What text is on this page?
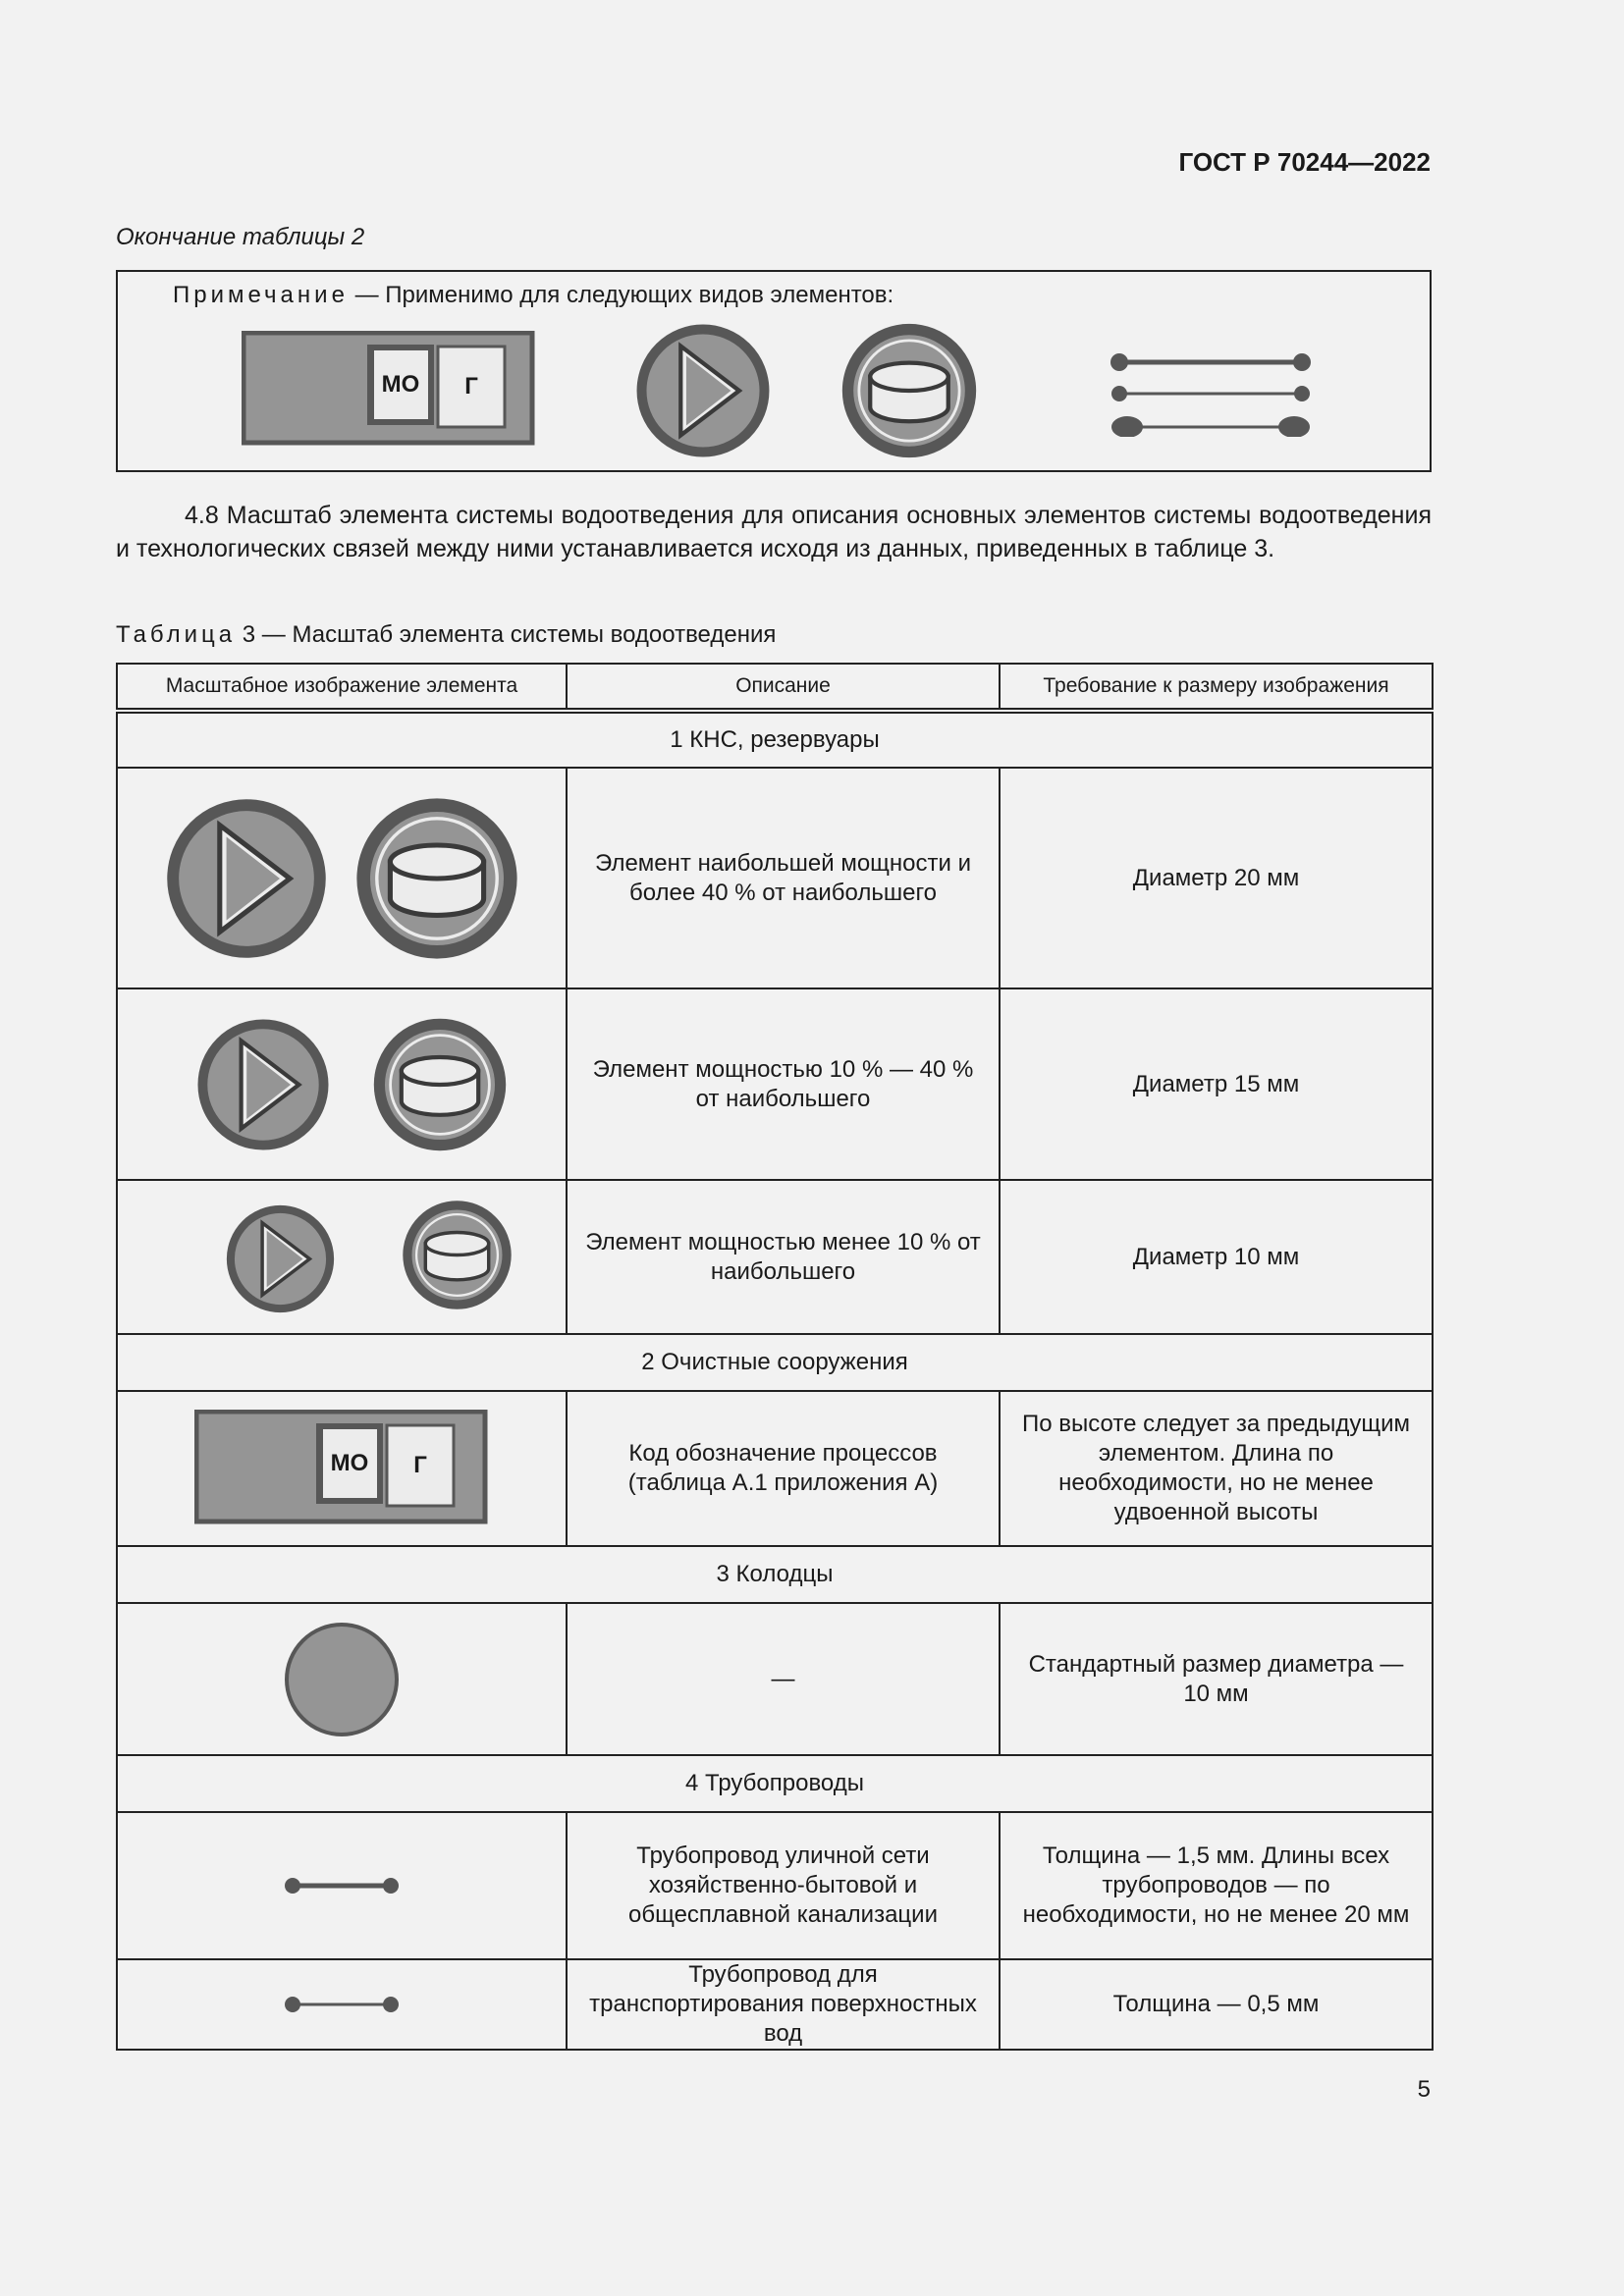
ГОСТ Р 70244—2022
Окончание таблицы 2
Примечание — Применимо для следующих видов элементов:
МО Г
4.8 Масштаб элемента системы водоотведения для описания основных элементов системы водоотведения и технологических связей между ними устанавливается исходя из данных, приведенных в таблице 3.
Таблица 3 — Масштаб элемента системы водоотведения
Масштабное изображение элемента	Описание	Требование к размеру изображения
1 КНС, резервуары		

	Элемент наибольшей мощности и более 40 % от наибольшего	Диаметр 20 мм

	Элемент мощностью 10 % — 40 % от наибольшего	Диаметр 15 мм

	Элемент мощностью менее 10 % от наибольшего	Диаметр 10 мм
2 Очистные сооружения		

МО Г	Код обозначение процессов (таблица А.1 приложения А)	По высоте следует за предыдущим элементом. Длина по необходимости, но не менее удвоенной высоты
3 Колодцы		

	—	Стандартный размер диаметра — 10 мм
4 Трубопроводы		

	Трубопровод уличной сети хозяйственно-бытовой и общесплавной канализации	Толщина — 1,5 мм. Длины всех трубопроводов — по необходимости, но не менее 20 мм

	Трубопровод для транспортирования поверхностных вод	Толщина — 0,5 мм
5
